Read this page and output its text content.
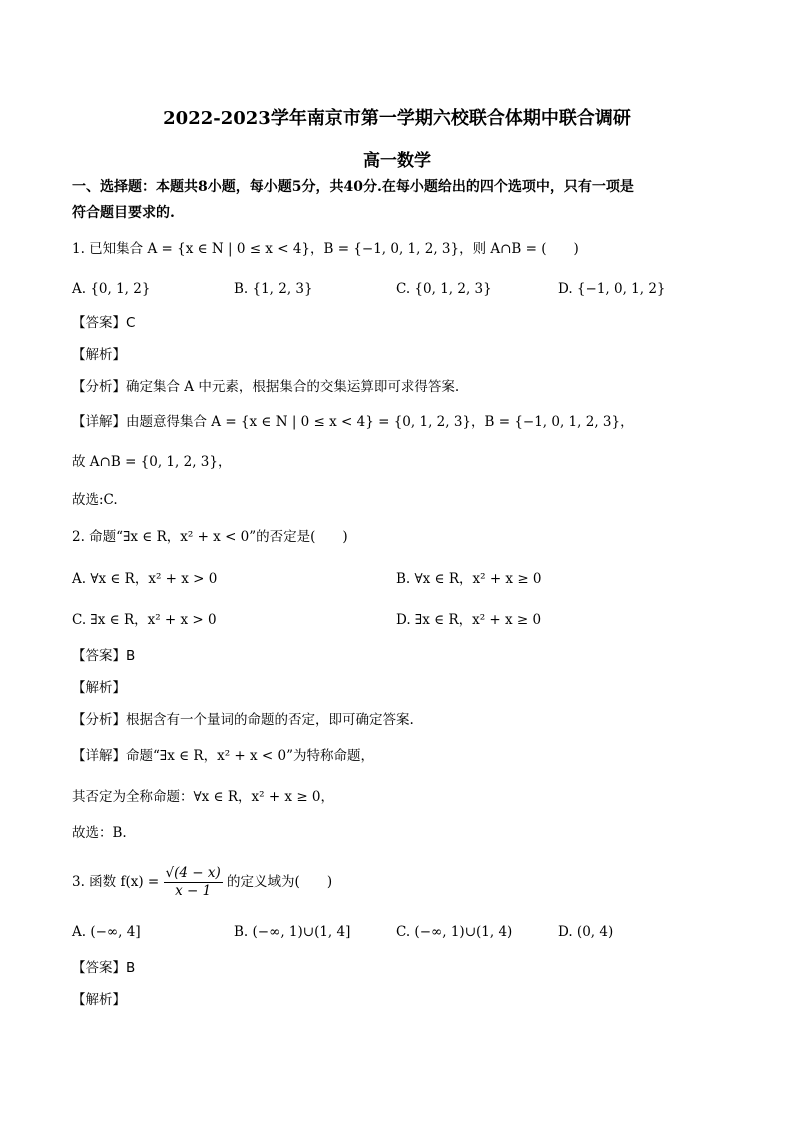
2022-2023学年南京市第一学期六校联合体期中联合调研
高一数学
一、选择题：本题共8小题，每小题5分，共40分.在每小题给出的四个选项中，只有一项是
符合题目要求的.
1. 已知集合 A = {x ∈ N | 0 ≤ x < 4}，B = {−1, 0, 1, 2, 3}，则 A∩B = (　　)
A. {0, 1, 2}	B. {1, 2, 3}	C. {0, 1, 2, 3}	D. {−1, 0, 1, 2}
【答案】C
【解析】
【分析】确定集合 A 中元素，根据集合的交集运算即可求得答案.
【详解】由题意得集合 A = {x ∈ N | 0 ≤ x < 4} = {0, 1, 2, 3}，B = {−1, 0, 1, 2, 3}，
故 A∩B = {0, 1, 2, 3}，
故选:C.
2. 命题“∃x ∈ R，x² + x < 0”的否定是(　　)
A. ∀x ∈ R，x² + x > 0	B. ∀x ∈ R，x² + x ≥ 0
C. ∃x ∈ R，x² + x > 0	D. ∃x ∈ R，x² + x ≥ 0
【答案】B
【解析】
【分析】根据含有一个量词的命题的否定，即可确定答案.
【详解】命题“∃x ∈ R，x² + x < 0”为特称命题，
其否定为全称命题：∀x ∈ R，x² + x ≥ 0，
故选：B.
3. 函数 $f(x) = \frac{√(4 - x)}{x - 1}$ 的定义域为(　　)
A. (−∞, 4]	B. (−∞, 1)∪(1, 4]	C. (−∞, 1)∪(1, 4)	D. (0, 4)
【答案】B
【解析】
